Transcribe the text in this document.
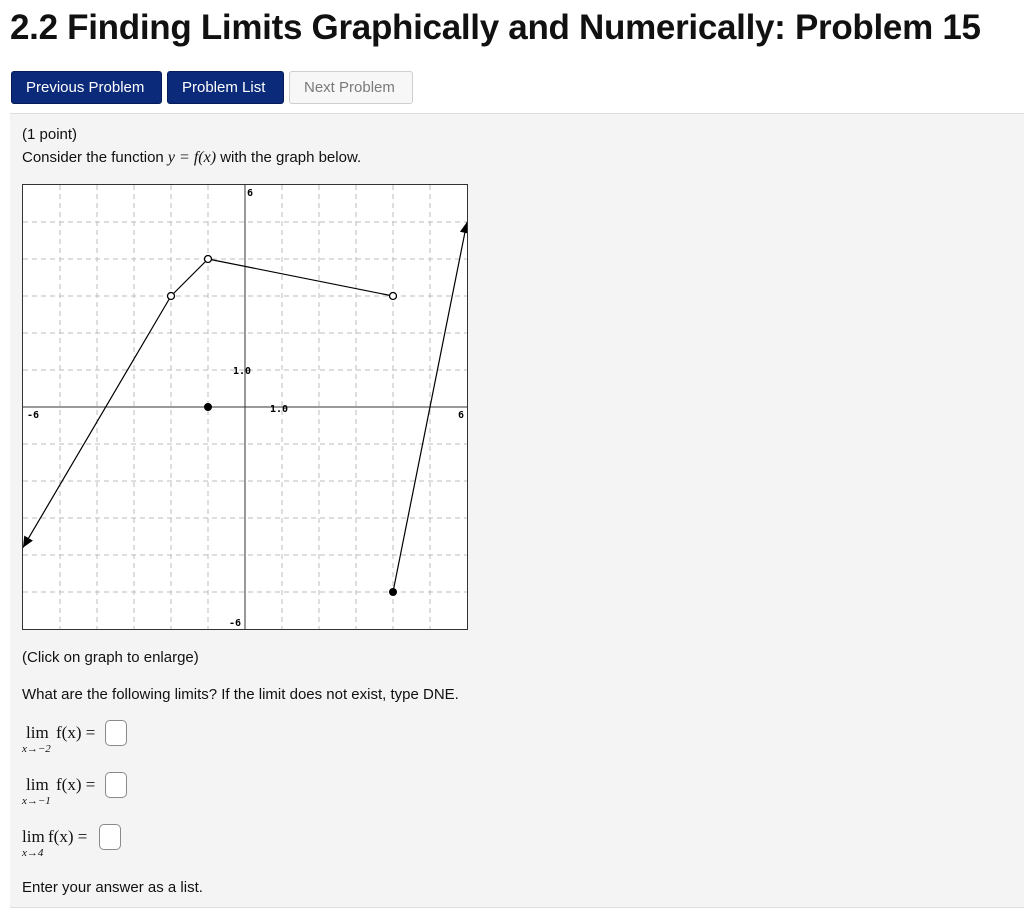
2.2 Finding Limits Graphically and Numerically: Problem 15
Previous Problem	Problem List	Next Problem
(1 point)
Consider the function y = f(x) with the graph below.
-6	6
6
-6
1.0
1.0
(Click on graph to enlarge)
What are the following limits? If the limit does not exist, type DNE.
lim
x→−2
f(x) =
lim
x→−1
f(x) =
lim
x→4
f(x) =
Enter your answer as a list.
